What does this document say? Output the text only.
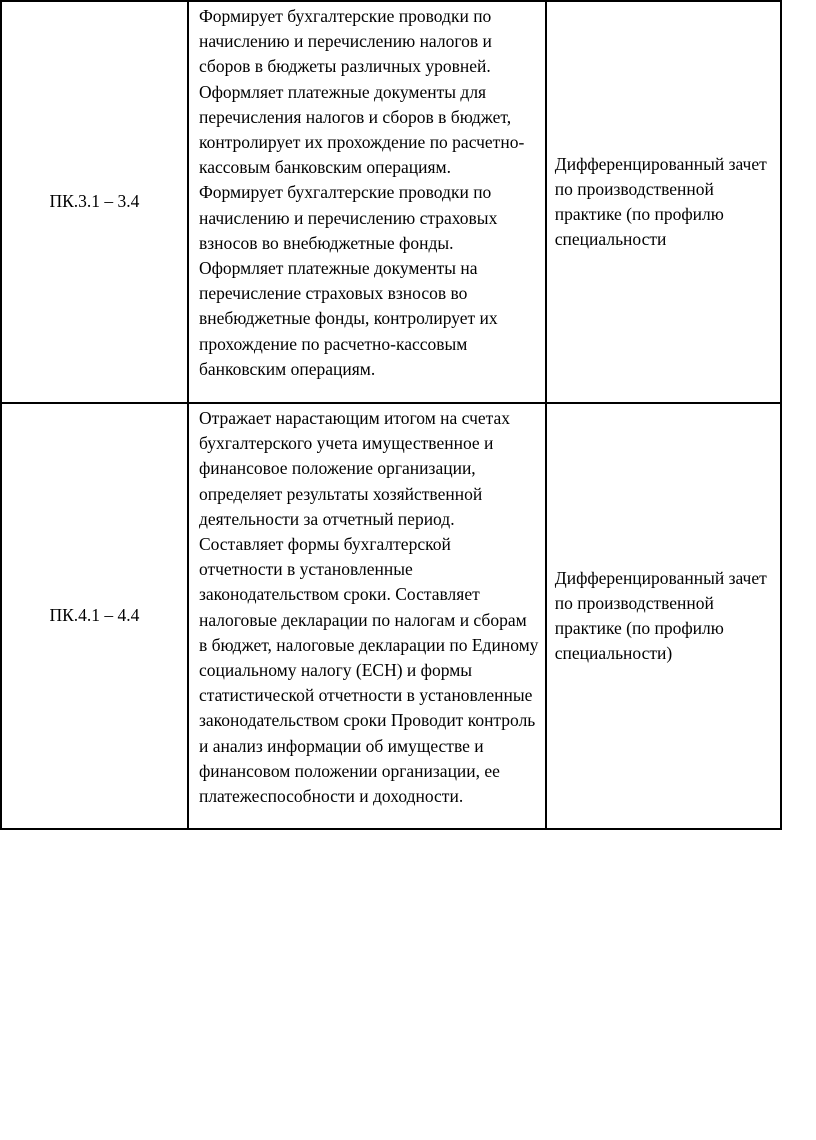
ПК.3.1 – 3.4	Формирует бухгалтерские проводки по начислению и перечислению налогов и сборов в бюджеты различных уровней. Оформляет платежные документы для перечисления налогов и сборов в бюджет, контролирует их прохождение по расчетно-кассовым банковским операциям. Формирует бухгалтерские проводки по начислению и перечислению страховых взносов во внебюджетные фонды. Оформляет платежные документы на перечисление страховых взносов во внебюджетные фонды, контролирует их прохождение по расчетно-кассовым банковским операциям.	Дифференцированный зачет по производственной практике (по профилю специальности

ПК.4.1 – 4.4	Отражает нарастающим итогом на счетах бухгалтерского учета имущественное и финансовое положение организации, определяет результаты хозяйственной деятельности за отчетный период. Составляет формы бухгалтерской отчетности в установленные законодательством сроки. Составляет налоговые декларации по налогам и сборам в бюджет, налоговые декларации по Единому социальному налогу (ЕСН) и формы статистической отчетности в установленные законодательством сроки Проводит контроль и анализ информации об имуществе и финансовом положении организации, ее платежеспособности и доходности.	Дифференцированный зачет по производственной практике (по профилю специальности)
